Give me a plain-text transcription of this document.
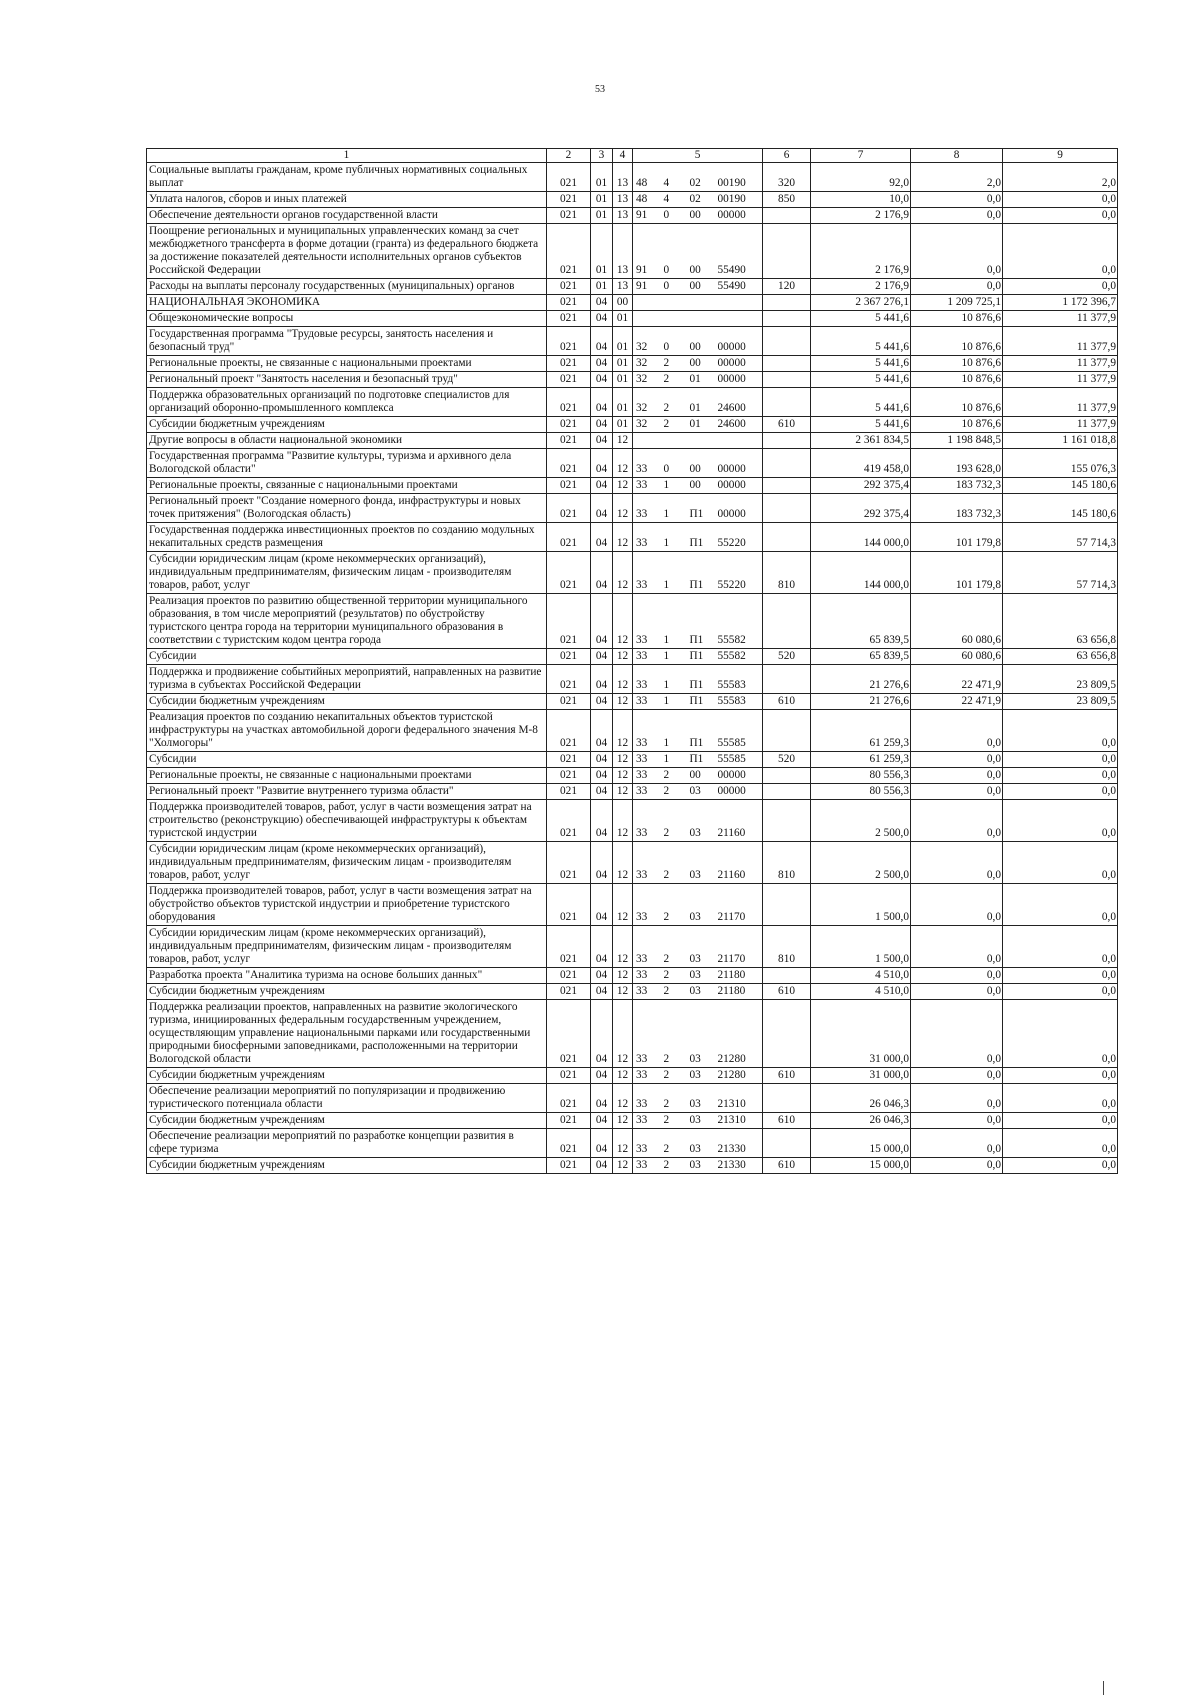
53
1	2	3	4	5				6	7	8	9
Социальные выплаты гражданам, кроме публичных нормативных социальных выплат	021	01	13	48	4	02	00190	320	92,0	2,0	2,0
Уплата налогов, сборов и иных платежей	021	01	13	48	4	02	00190	850	10,0	0,0	0,0
Обеспечение деятельности органов государственной власти	021	01	13	91	0	00	00000		2 176,9	0,0	0,0
Поощрение региональных и муниципальных управленческих команд за счет межбюджетного трансферта в форме дотации (гранта) из федерального бюджета за достижение показателей деятельности исполнительных органов субъектов Российской Федерации	021	01	13	91	0	00	55490		2 176,9	0,0	0,0
Расходы на выплаты персоналу государственных (муниципальных) органов	021	01	13	91	0	00	55490	120	2 176,9	0,0	0,0
НАЦИОНАЛЬНАЯ ЭКОНОМИКА	021	04	00						2 367 276,1	1 209 725,1	1 172 396,7
Общеэкономические вопросы	021	04	01						5 441,6	10 876,6	11 377,9
Государственная программа "Трудовые ресурсы, занятость населения и безопасный труд"	021	04	01	32	0	00	00000		5 441,6	10 876,6	11 377,9
Региональные проекты, не связанные с национальными проектами	021	04	01	32	2	00	00000		5 441,6	10 876,6	11 377,9
Региональный проект "Занятость населения и безопасный труд"	021	04	01	32	2	01	00000		5 441,6	10 876,6	11 377,9
Поддержка образовательных организаций по подготовке специалистов для организаций оборонно-промышленного комплекса	021	04	01	32	2	01	24600		5 441,6	10 876,6	11 377,9
Субсидии бюджетным учреждениям	021	04	01	32	2	01	24600	610	5 441,6	10 876,6	11 377,9
Другие вопросы в области национальной экономики	021	04	12						2 361 834,5	1 198 848,5	1 161 018,8
Государственная программа "Развитие культуры, туризма и архивного дела Вологодской области"	021	04	12	33	0	00	00000		419 458,0	193 628,0	155 076,3
Региональные проекты, связанные с национальными проектами	021	04	12	33	1	00	00000		292 375,4	183 732,3	145 180,6
Региональный проект "Создание номерного фонда, инфраструктуры и новых точек притяжения" (Вологодская область)	021	04	12	33	1	П1	00000		292 375,4	183 732,3	145 180,6
Государственная поддержка инвестиционных проектов по созданию модульных некапитальных средств размещения	021	04	12	33	1	П1	55220		144 000,0	101 179,8	57 714,3
Субсидии юридическим лицам (кроме некоммерческих организаций), индивидуальным предпринимателям, физическим лицам - производителям товаров, работ, услуг	021	04	12	33	1	П1	55220	810	144 000,0	101 179,8	57 714,3
Реализация проектов по развитию общественной территории муниципального образования, в том числе мероприятий (результатов) по обустройству туристского центра города на территории муниципального образования в соответствии с туристским кодом центра города	021	04	12	33	1	П1	55582		65 839,5	60 080,6	63 656,8
Субсидии	021	04	12	33	1	П1	55582	520	65 839,5	60 080,6	63 656,8
Поддержка и продвижение событийных мероприятий, направленных на развитие туризма в субъектах Российской Федерации	021	04	12	33	1	П1	55583		21 276,6	22 471,9	23 809,5
Субсидии бюджетным учреждениям	021	04	12	33	1	П1	55583	610	21 276,6	22 471,9	23 809,5
Реализация проектов по созданию некапитальных объектов туристской инфраструктуры на участках автомобильной дороги федерального значения М-8 "Холмогоры"	021	04	12	33	1	П1	55585		61 259,3	0,0	0,0
Субсидии	021	04	12	33	1	П1	55585	520	61 259,3	0,0	0,0
Региональные проекты, не связанные с национальными проектами	021	04	12	33	2	00	00000		80 556,3	0,0	0,0
Региональный проект "Развитие внутреннего туризма области"	021	04	12	33	2	03	00000		80 556,3	0,0	0,0
Поддержка производителей товаров, работ, услуг в части возмещения затрат на строительство (реконструкцию) обеспечивающей инфраструктуры к объектам туристской индустрии	021	04	12	33	2	03	21160		2 500,0	0,0	0,0
Субсидии юридическим лицам (кроме некоммерческих организаций), индивидуальным предпринимателям, физическим лицам - производителям товаров, работ, услуг	021	04	12	33	2	03	21160	810	2 500,0	0,0	0,0
Поддержка производителей товаров, работ, услуг в части возмещения затрат на обустройство объектов туристской индустрии и приобретение туристского оборудования	021	04	12	33	2	03	21170		1 500,0	0,0	0,0
Субсидии юридическим лицам (кроме некоммерческих организаций), индивидуальным предпринимателям, физическим лицам - производителям товаров, работ, услуг	021	04	12	33	2	03	21170	810	1 500,0	0,0	0,0
Разработка проекта "Аналитика туризма на основе больших данных"	021	04	12	33	2	03	21180		4 510,0	0,0	0,0
Субсидии бюджетным учреждениям	021	04	12	33	2	03	21180	610	4 510,0	0,0	0,0
Поддержка реализации проектов, направленных на развитие экологического туризма, инициированных федеральным государственным учреждением, осуществляющим управление национальными парками или государственными природными биосферными заповедниками, расположенными на территории Вологодской области	021	04	12	33	2	03	21280		31 000,0	0,0	0,0
Субсидии бюджетным учреждениям	021	04	12	33	2	03	21280	610	31 000,0	0,0	0,0
Обеспечение реализации мероприятий по популяризации и продвижению туристического потенциала области	021	04	12	33	2	03	21310		26 046,3	0,0	0,0
Субсидии бюджетным учреждениям	021	04	12	33	2	03	21310	610	26 046,3	0,0	0,0
Обеспечение реализации мероприятий по разработке концепции развития в сфере туризма	021	04	12	33	2	03	21330		15 000,0	0,0	0,0
Субсидии бюджетным учреждениям	021	04	12	33	2	03	21330	610	15 000,0	0,0	0,0
